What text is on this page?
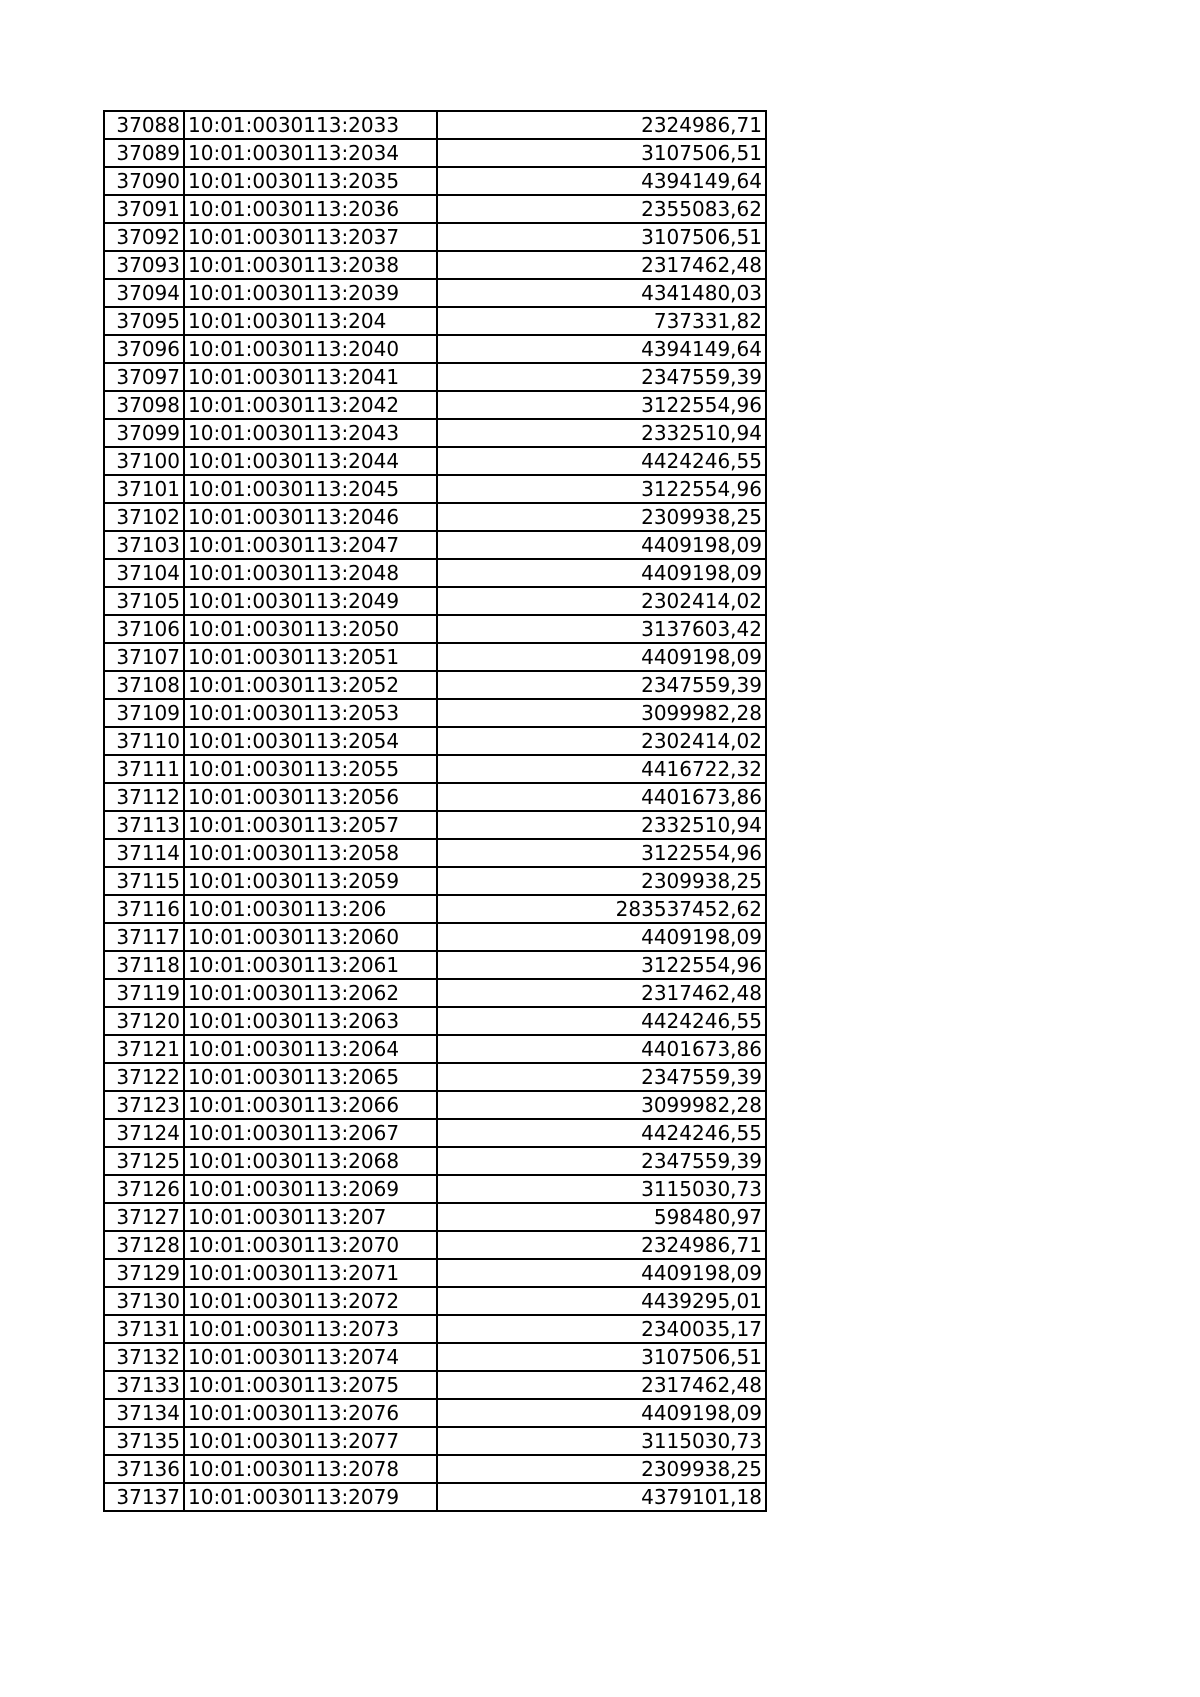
37088	10:01:0030113:2033	2324986,71
37089	10:01:0030113:2034	3107506,51
37090	10:01:0030113:2035	4394149,64
37091	10:01:0030113:2036	2355083,62
37092	10:01:0030113:2037	3107506,51
37093	10:01:0030113:2038	2317462,48
37094	10:01:0030113:2039	4341480,03
37095	10:01:0030113:204	737331,82
37096	10:01:0030113:2040	4394149,64
37097	10:01:0030113:2041	2347559,39
37098	10:01:0030113:2042	3122554,96
37099	10:01:0030113:2043	2332510,94
37100	10:01:0030113:2044	4424246,55
37101	10:01:0030113:2045	3122554,96
37102	10:01:0030113:2046	2309938,25
37103	10:01:0030113:2047	4409198,09
37104	10:01:0030113:2048	4409198,09
37105	10:01:0030113:2049	2302414,02
37106	10:01:0030113:2050	3137603,42
37107	10:01:0030113:2051	4409198,09
37108	10:01:0030113:2052	2347559,39
37109	10:01:0030113:2053	3099982,28
37110	10:01:0030113:2054	2302414,02
37111	10:01:0030113:2055	4416722,32
37112	10:01:0030113:2056	4401673,86
37113	10:01:0030113:2057	2332510,94
37114	10:01:0030113:2058	3122554,96
37115	10:01:0030113:2059	2309938,25
37116	10:01:0030113:206	283537452,62
37117	10:01:0030113:2060	4409198,09
37118	10:01:0030113:2061	3122554,96
37119	10:01:0030113:2062	2317462,48
37120	10:01:0030113:2063	4424246,55
37121	10:01:0030113:2064	4401673,86
37122	10:01:0030113:2065	2347559,39
37123	10:01:0030113:2066	3099982,28
37124	10:01:0030113:2067	4424246,55
37125	10:01:0030113:2068	2347559,39
37126	10:01:0030113:2069	3115030,73
37127	10:01:0030113:207	598480,97
37128	10:01:0030113:2070	2324986,71
37129	10:01:0030113:2071	4409198,09
37130	10:01:0030113:2072	4439295,01
37131	10:01:0030113:2073	2340035,17
37132	10:01:0030113:2074	3107506,51
37133	10:01:0030113:2075	2317462,48
37134	10:01:0030113:2076	4409198,09
37135	10:01:0030113:2077	3115030,73
37136	10:01:0030113:2078	2309938,25
37137	10:01:0030113:2079	4379101,18
